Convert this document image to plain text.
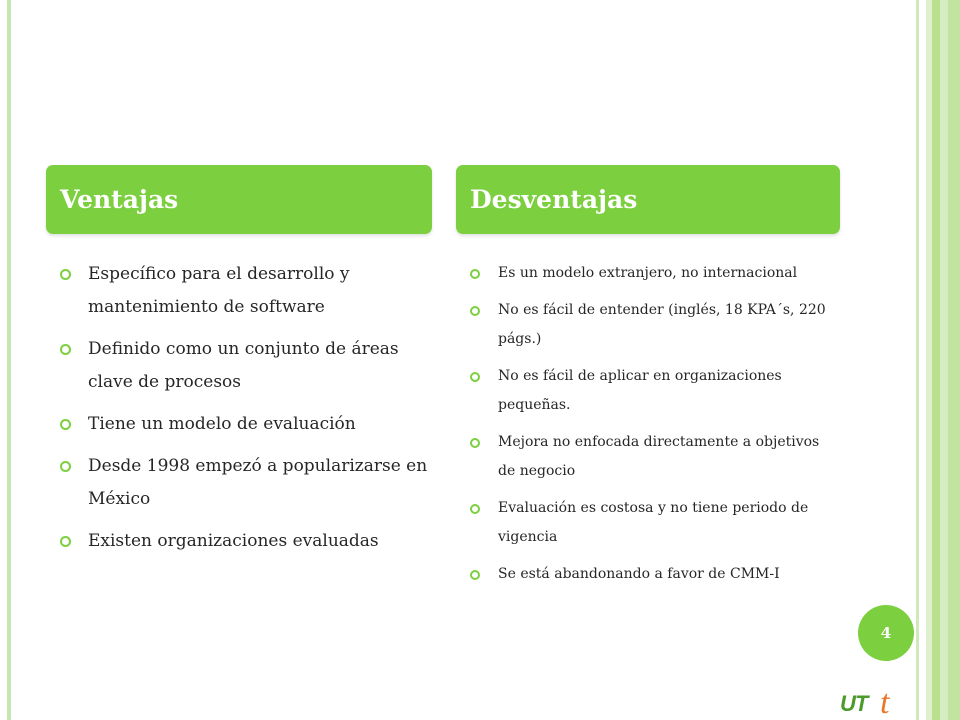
Ventajas	Desventajas
Específico para el desarrollo y mantenimiento de software
Definido como un conjunto de áreas clave de procesos
Tiene un modelo de evaluación
Desde 1998 empezó a popularizarse en México
Existen organizaciones evaluadas
Es un modelo extranjero, no internacional
No es fácil de entender (inglés, 18 KPA´s, 220 págs.)
No es fácil de aplicar en organizaciones pequeñas.
Mejora no enfocada directamente a objetivos de negocio
Evaluación es costosa y no tiene periodo de vigencia
Se está abandonando a favor de CMM-I
4
UT t
